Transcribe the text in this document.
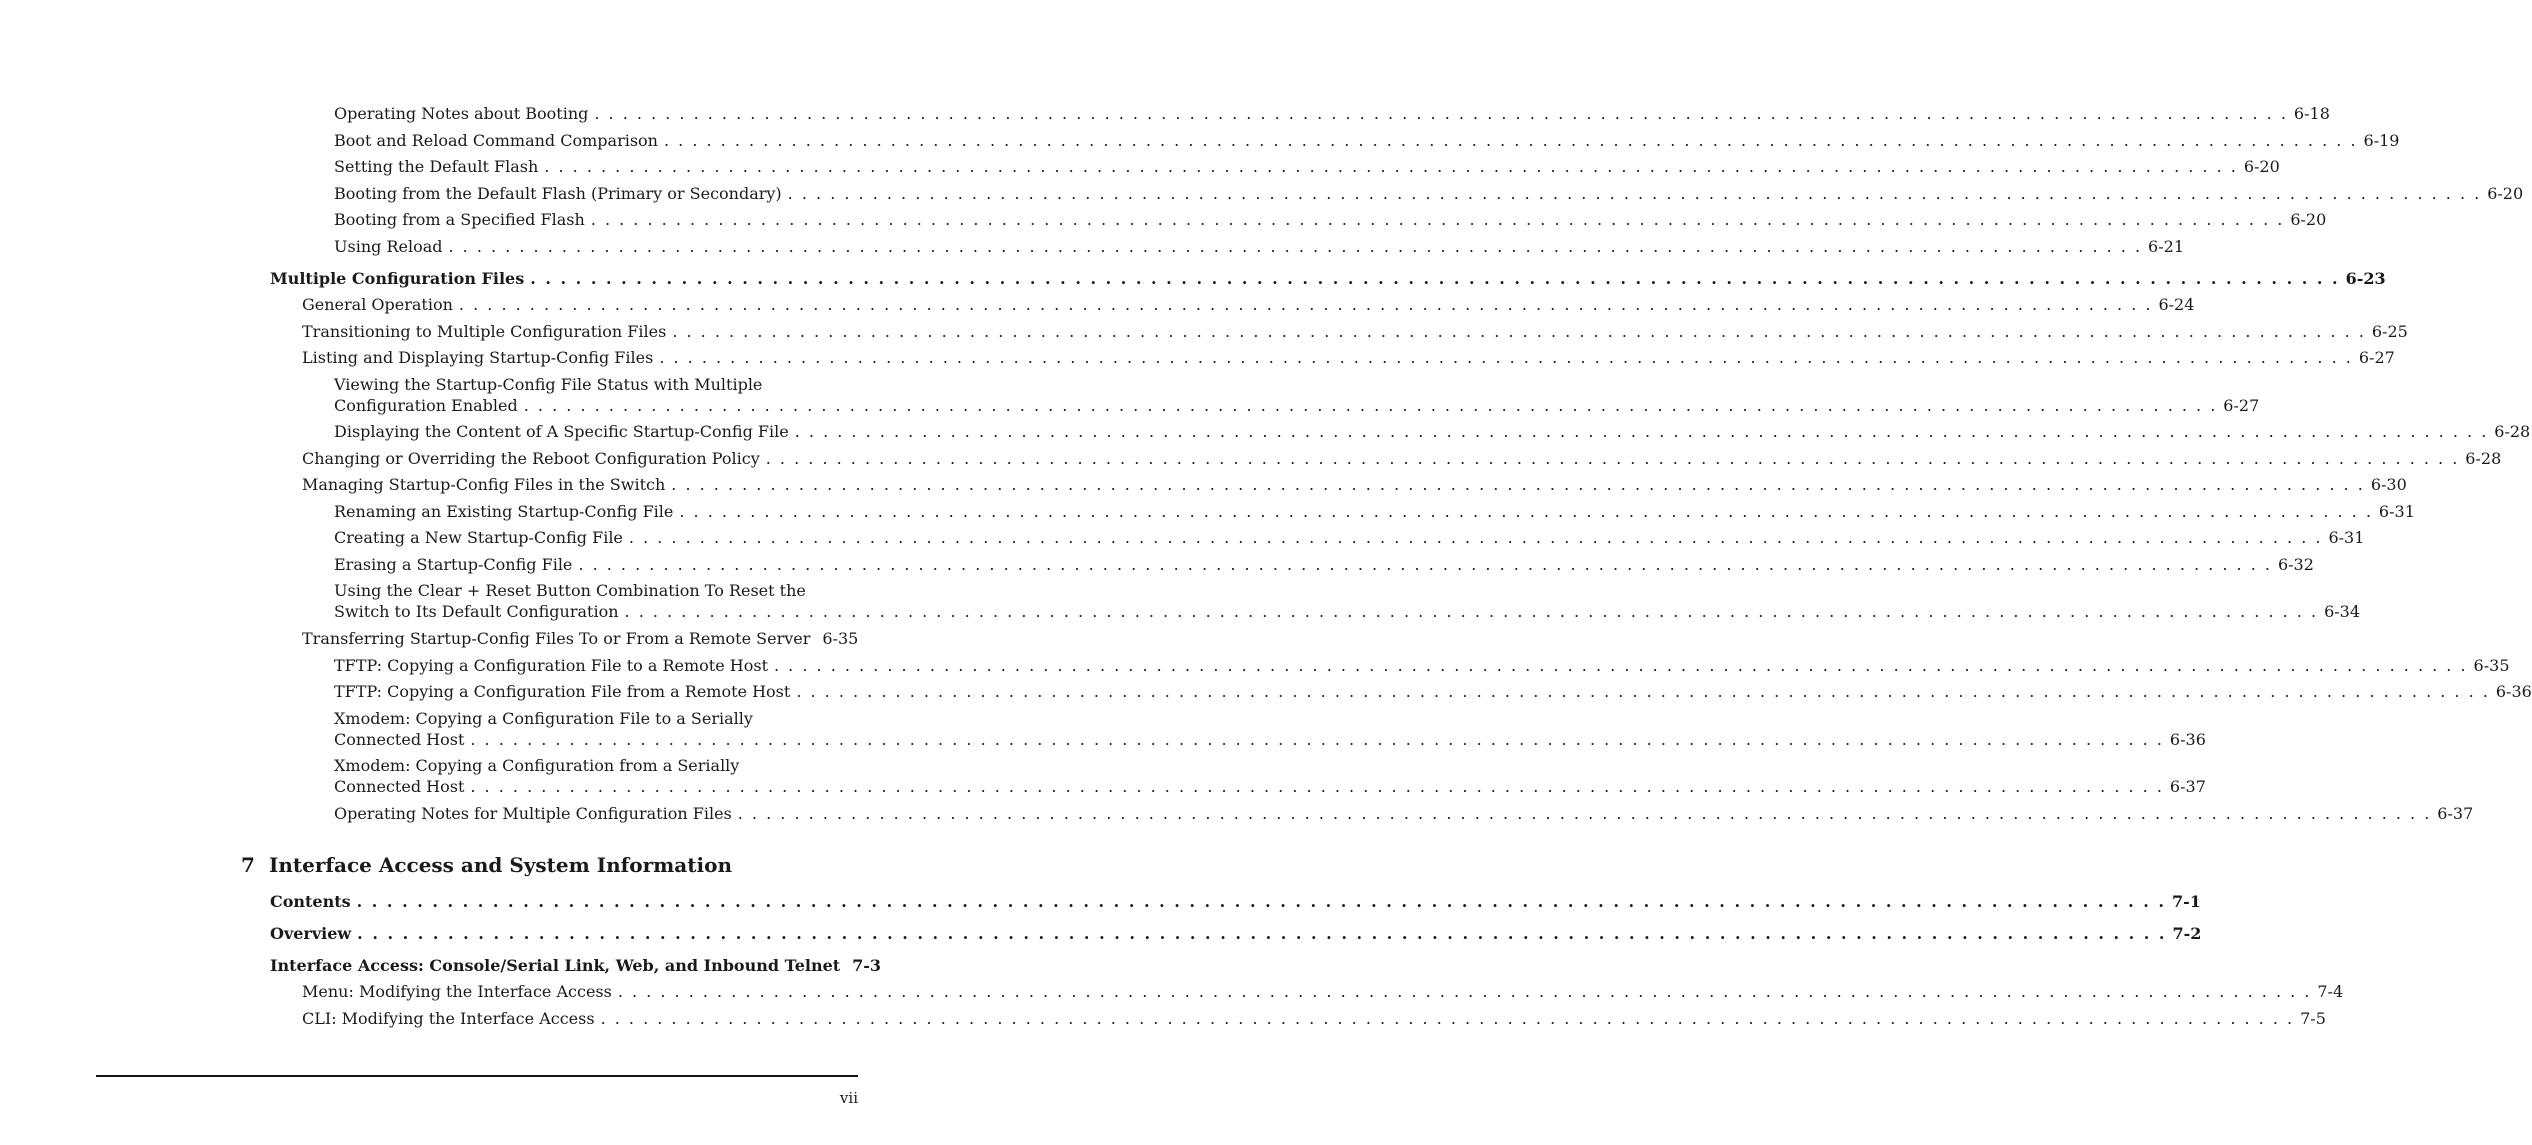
Operating Notes about Booting . . . . . . . . . . . . . . . . . . . . . . . . . . . . . . . . . . . . . . . . . . . . . . . . . . . . . . . . . . . . . . . . . . . . . . . . . . . . . . . . . . . . . . . . . . . . . . . . . . . . . . . . . . . . . . . . . . . . . . . . 6-18
Boot and Reload Command Comparison . . . . . . . . . . . . . . . . . . . . . . . . . . . . . . . . . . . . . . . . . . . . . . . . . . . . . . . . . . . . . . . . . . . . . . . . . . . . . . . . . . . . . . . . . . . . . . . . . . . . . . . . . . . . . . . . . . . . . . . . 6-19
Setting the Default Flash . . . . . . . . . . . . . . . . . . . . . . . . . . . . . . . . . . . . . . . . . . . . . . . . . . . . . . . . . . . . . . . . . . . . . . . . . . . . . . . . . . . . . . . . . . . . . . . . . . . . . . . . . . . . . . . . . . . . . . . . 6-20
Booting from the Default Flash (Primary or Secondary) . . . . . . . . . . . . . . . . . . . . . . . . . . . . . . . . . . . . . . . . . . . . . . . . . . . . . . . . . . . . . . . . . . . . . . . . . . . . . . . . . . . . . . . . . . . . . . . . . . . . . . . . . . . . . . . . . . . . . . . . 6-20
Booting from a Specified Flash . . . . . . . . . . . . . . . . . . . . . . . . . . . . . . . . . . . . . . . . . . . . . . . . . . . . . . . . . . . . . . . . . . . . . . . . . . . . . . . . . . . . . . . . . . . . . . . . . . . . . . . . . . . . . . . . . . . . . . . . 6-20
Using Reload . . . . . . . . . . . . . . . . . . . . . . . . . . . . . . . . . . . . . . . . . . . . . . . . . . . . . . . . . . . . . . . . . . . . . . . . . . . . . . . . . . . . . . . . . . . . . . . . . . . . . . . . . . . . . . . . . . . . . . . . 6-21
Multiple Configuration Files . . . . . . . . . . . . . . . . . . . . . . . . . . . . . . . . . . . . . . . . . . . . . . . . . . . . . . . . . . . . . . . . . . . . . . . . . . . . . . . . . . . . . . . . . . . . . . . . . . . . . . . . . . . . . . . . . . . . . . . . 6-23
General Operation . . . . . . . . . . . . . . . . . . . . . . . . . . . . . . . . . . . . . . . . . . . . . . . . . . . . . . . . . . . . . . . . . . . . . . . . . . . . . . . . . . . . . . . . . . . . . . . . . . . . . . . . . . . . . . . . . . . . . . . . 6-24
Transitioning to Multiple Configuration Files . . . . . . . . . . . . . . . . . . . . . . . . . . . . . . . . . . . . . . . . . . . . . . . . . . . . . . . . . . . . . . . . . . . . . . . . . . . . . . . . . . . . . . . . . . . . . . . . . . . . . . . . . . . . . . . . . . . . . . . . 6-25
Listing and Displaying Startup-Config Files . . . . . . . . . . . . . . . . . . . . . . . . . . . . . . . . . . . . . . . . . . . . . . . . . . . . . . . . . . . . . . . . . . . . . . . . . . . . . . . . . . . . . . . . . . . . . . . . . . . . . . . . . . . . . . . . . . . . . . . . 6-27
Viewing the Startup-Config File Status with Multiple
Configuration Enabled . . . . . . . . . . . . . . . . . . . . . . . . . . . . . . . . . . . . . . . . . . . . . . . . . . . . . . . . . . . . . . . . . . . . . . . . . . . . . . . . . . . . . . . . . . . . . . . . . . . . . . . . . . . . . . . . . . . . . . . . 6-27
Displaying the Content of A Specific Startup-Config File . . . . . . . . . . . . . . . . . . . . . . . . . . . . . . . . . . . . . . . . . . . . . . . . . . . . . . . . . . . . . . . . . . . . . . . . . . . . . . . . . . . . . . . . . . . . . . . . . . . . . . . . . . . . . . . . . . . . . . . . 6-28
Changing or Overriding the Reboot Configuration Policy . . . . . . . . . . . . . . . . . . . . . . . . . . . . . . . . . . . . . . . . . . . . . . . . . . . . . . . . . . . . . . . . . . . . . . . . . . . . . . . . . . . . . . . . . . . . . . . . . . . . . . . . . . . . . . . . . . . . . . . . 6-28
Managing Startup-Config Files in the Switch . . . . . . . . . . . . . . . . . . . . . . . . . . . . . . . . . . . . . . . . . . . . . . . . . . . . . . . . . . . . . . . . . . . . . . . . . . . . . . . . . . . . . . . . . . . . . . . . . . . . . . . . . . . . . . . . . . . . . . . . 6-30
Renaming an Existing Startup-Config File . . . . . . . . . . . . . . . . . . . . . . . . . . . . . . . . . . . . . . . . . . . . . . . . . . . . . . . . . . . . . . . . . . . . . . . . . . . . . . . . . . . . . . . . . . . . . . . . . . . . . . . . . . . . . . . . . . . . . . . . 6-31
Creating a New Startup-Config File . . . . . . . . . . . . . . . . . . . . . . . . . . . . . . . . . . . . . . . . . . . . . . . . . . . . . . . . . . . . . . . . . . . . . . . . . . . . . . . . . . . . . . . . . . . . . . . . . . . . . . . . . . . . . . . . . . . . . . . . 6-31
Erasing a Startup-Config File . . . . . . . . . . . . . . . . . . . . . . . . . . . . . . . . . . . . . . . . . . . . . . . . . . . . . . . . . . . . . . . . . . . . . . . . . . . . . . . . . . . . . . . . . . . . . . . . . . . . . . . . . . . . . . . . . . . . . . . . 6-32
Using the Clear + Reset Button Combination To Reset the
Switch to Its Default Configuration . . . . . . . . . . . . . . . . . . . . . . . . . . . . . . . . . . . . . . . . . . . . . . . . . . . . . . . . . . . . . . . . . . . . . . . . . . . . . . . . . . . . . . . . . . . . . . . . . . . . . . . . . . . . . . . . . . . . . . . . 6-34
Transferring Startup-Config Files To or From a Remote Server 6-35
TFTP: Copying a Configuration File to a Remote Host . . . . . . . . . . . . . . . . . . . . . . . . . . . . . . . . . . . . . . . . . . . . . . . . . . . . . . . . . . . . . . . . . . . . . . . . . . . . . . . . . . . . . . . . . . . . . . . . . . . . . . . . . . . . . . . . . . . . . . . . 6-35
TFTP: Copying a Configuration File from a Remote Host . . . . . . . . . . . . . . . . . . . . . . . . . . . . . . . . . . . . . . . . . . . . . . . . . . . . . . . . . . . . . . . . . . . . . . . . . . . . . . . . . . . . . . . . . . . . . . . . . . . . . . . . . . . . . . . . . . . . . . . . 6-36
Xmodem: Copying a Configuration File to a Serially
Connected Host . . . . . . . . . . . . . . . . . . . . . . . . . . . . . . . . . . . . . . . . . . . . . . . . . . . . . . . . . . . . . . . . . . . . . . . . . . . . . . . . . . . . . . . . . . . . . . . . . . . . . . . . . . . . . . . . . . . . . . . . 6-36
Xmodem: Copying a Configuration from a Serially
Connected Host . . . . . . . . . . . . . . . . . . . . . . . . . . . . . . . . . . . . . . . . . . . . . . . . . . . . . . . . . . . . . . . . . . . . . . . . . . . . . . . . . . . . . . . . . . . . . . . . . . . . . . . . . . . . . . . . . . . . . . . . 6-37
Operating Notes for Multiple Configuration Files . . . . . . . . . . . . . . . . . . . . . . . . . . . . . . . . . . . . . . . . . . . . . . . . . . . . . . . . . . . . . . . . . . . . . . . . . . . . . . . . . . . . . . . . . . . . . . . . . . . . . . . . . . . . . . . . . . . . . . . . 6-37
Contents . . . . . . . . . . . . . . . . . . . . . . . . . . . . . . . . . . . . . . . . . . . . . . . . . . . . . . . . . . . . . . . . . . . . . . . . . . . . . . . . . . . . . . . . . . . . . . . . . . . . . . . . . . . . . . . . . . . . . . . . 7-1
Overview . . . . . . . . . . . . . . . . . . . . . . . . . . . . . . . . . . . . . . . . . . . . . . . . . . . . . . . . . . . . . . . . . . . . . . . . . . . . . . . . . . . . . . . . . . . . . . . . . . . . . . . . . . . . . . . . . . . . . . . . 7-2
Interface Access: Console/Serial Link, Web, and Inbound Telnet 7-3
Menu: Modifying the Interface Access . . . . . . . . . . . . . . . . . . . . . . . . . . . . . . . . . . . . . . . . . . . . . . . . . . . . . . . . . . . . . . . . . . . . . . . . . . . . . . . . . . . . . . . . . . . . . . . . . . . . . . . . . . . . . . . . . . . . . . . . 7-4
CLI: Modifying the Interface Access . . . . . . . . . . . . . . . . . . . . . . . . . . . . . . . . . . . . . . . . . . . . . . . . . . . . . . . . . . . . . . . . . . . . . . . . . . . . . . . . . . . . . . . . . . . . . . . . . . . . . . . . . . . . . . . . . . . . . . . . 7-5
7 Interface Access and System Information
vii
